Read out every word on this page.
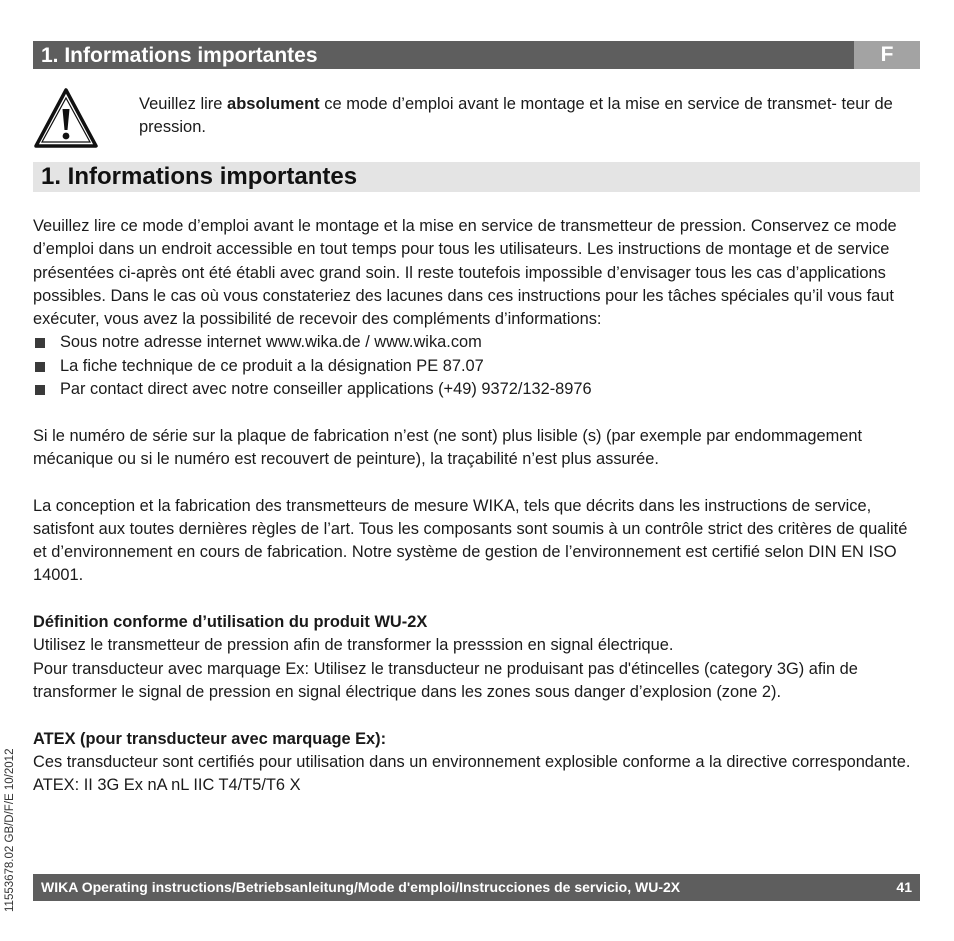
1. Informations importantes	F
Veuillez lire absolument ce mode d’emploi avant le montage et la mise en service de transmet- teur de pression.
1. Informations importantes

Veuillez lire ce mode d’emploi avant le montage et la mise en service de transmetteur de pression. Conservez ce mode d’emploi dans un endroit accessible en tout temps pour tous les utilisateurs. Les instructions de montage et de service présentées ci-après ont été établi avec grand soin. Il reste toutefois impossible d’envisager tous les cas d’applications possibles. Dans le cas où vous constateriez des lacunes dans ces instructions pour les tâches spéciales qu’il vous faut exécuter, vous avez la possibilité de recevoir des compléments d’informations:

Sous notre adresse internet www.wika.de / www.wika.com
La fiche technique de ce produit a la désignation PE 87.07
Par contact direct avec notre conseiller applications (+49) 9372/132-8976

Si le numéro de série sur la plaque de fabrication n’est (ne sont) plus lisible (s) (par exemple par endommagement mécanique ou si le numéro est recouvert de peinture), la traçabilité n’est plus assurée.

La conception et la fabrication des transmetteurs de mesure WIKA, tels que décrits dans les instructions de service, satisfont aux toutes dernières règles de l’art. Tous les composants sont soumis à un contrôle strict des critères de qualité et d’environnement en cours de fabrication. Notre système de gestion de l’environnement est certifié selon DIN EN ISO 14001.

Définition conforme d’utilisation du produit WU-2X

Utilisez le transmetteur de pression afin de transformer la presssion en signal électrique.

Pour transducteur avec marquage Ex: Utilisez le transducteur ne produisant pas d'étincelles (category 3G) afin de transformer le signal de pression en signal électrique dans les zones sous danger d’explosion (zone 2).

ATEX (pour transducteur avec marquage Ex):

Ces transducteur sont certifiés pour utilisation dans un environnement explosible conforme a la directive correspondante.

ATEX: II 3G Ex nA nL IIC T4/T5/T6 X

11553678.02 GB/D/F/E 10/2012 WIKA Operating instructions/Betriebsanleitung/Mode d'emploi/Instrucciones de servicio, WU-2X	41
